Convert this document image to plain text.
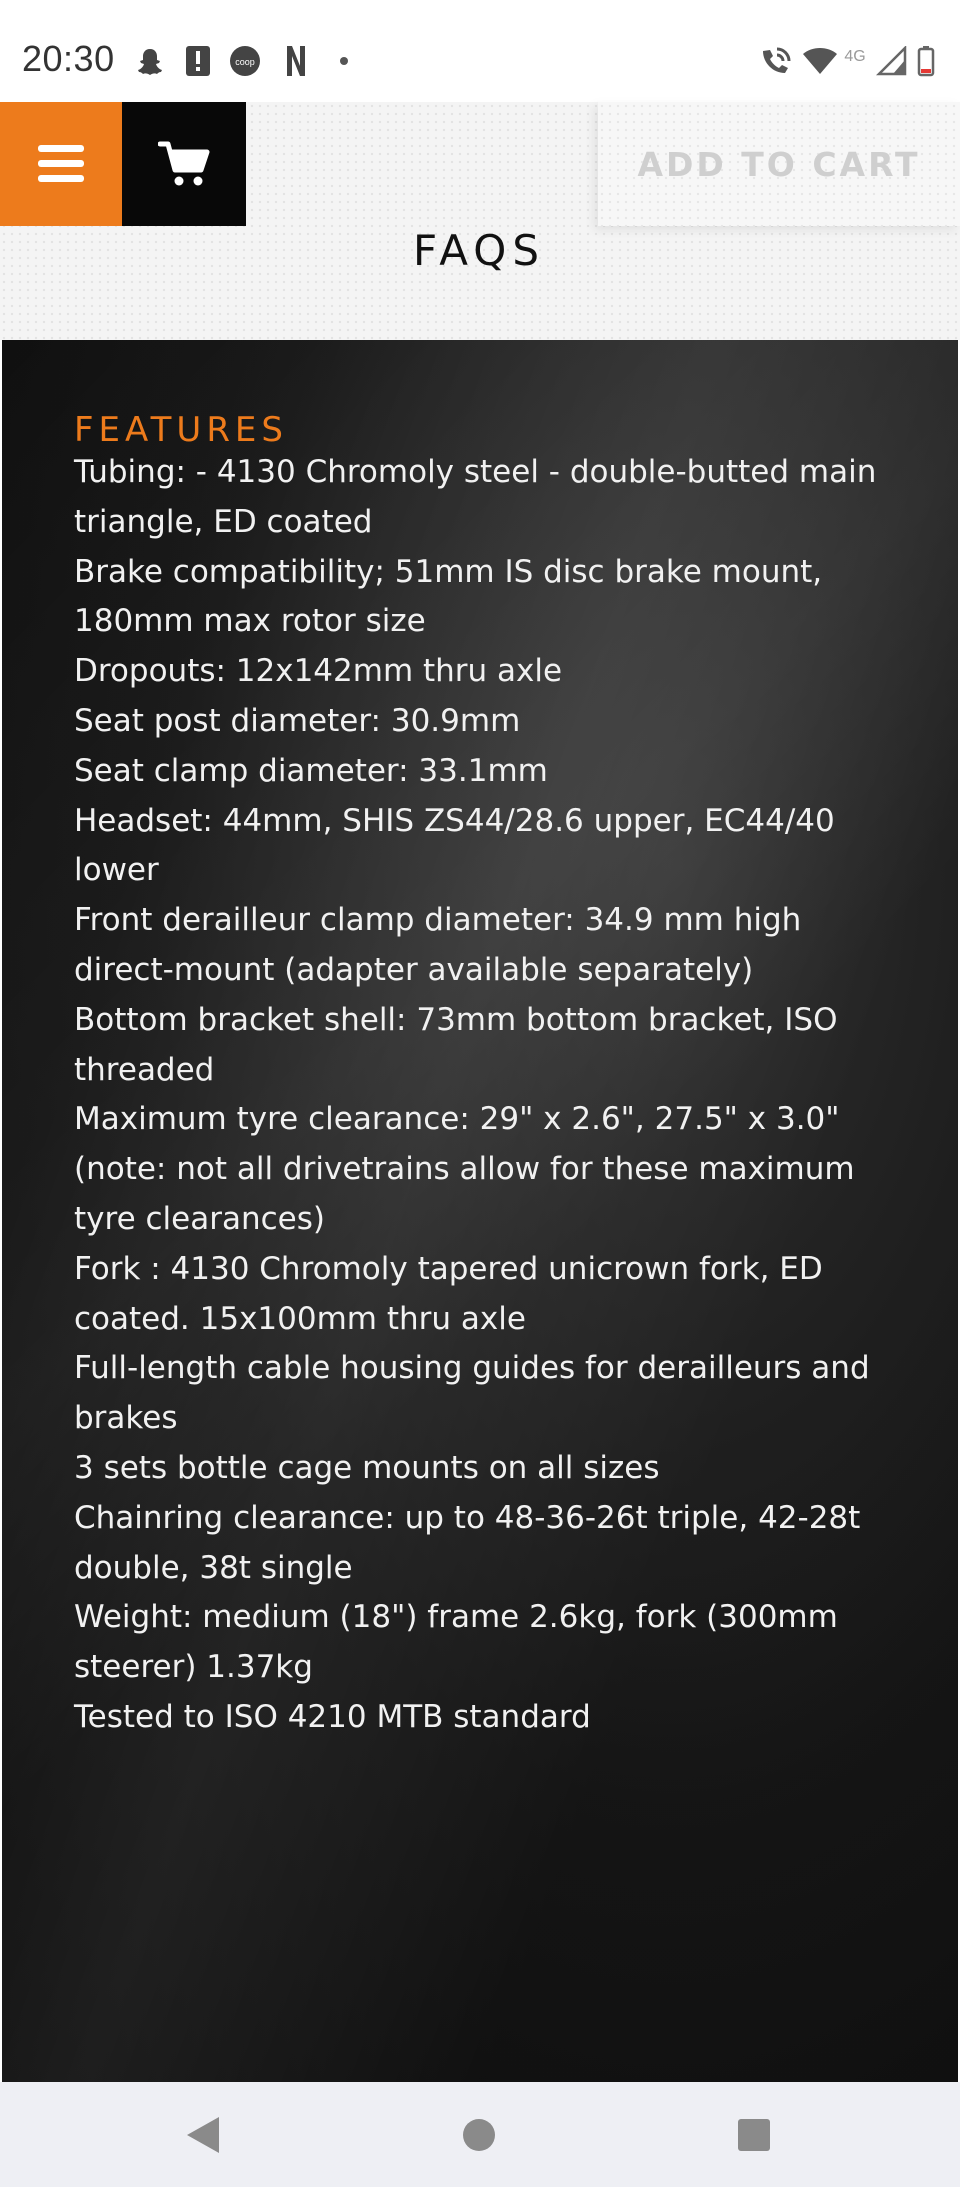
20:30	coop	4G
ADD TO CART
FAQS
FEATURES
Tubing: - 4130 Chromoly steel - double-butted main triangle, ED coated
Brake compatibility; 51mm IS disc brake mount, 180mm max rotor size
Dropouts: 12x142mm thru axle
Seat post diameter: 30.9mm
Seat clamp diameter: 33.1mm
Headset: 44mm, SHIS ZS44/28.6 upper, EC44/40 lower
Front derailleur clamp diameter: 34.9 mm high direct-mount (adapter available separately)
Bottom bracket shell: 73mm bottom bracket, ISO threaded
Maximum tyre clearance: 29" x 2.6", 27.5" x 3.0" (note: not all drivetrains allow for these maximum tyre clearances)
Fork : 4130 Chromoly tapered unicrown fork, ED coated. 15x100mm thru axle
Full-length cable housing guides for derailleurs and brakes
3 sets bottle cage mounts on all sizes
Chainring clearance: up to 48-36-26t triple, 42-28t double, 38t single
Weight: medium (18") frame 2.6kg, fork (300mm steerer) 1.37kg
Tested to ISO 4210 MTB standard
